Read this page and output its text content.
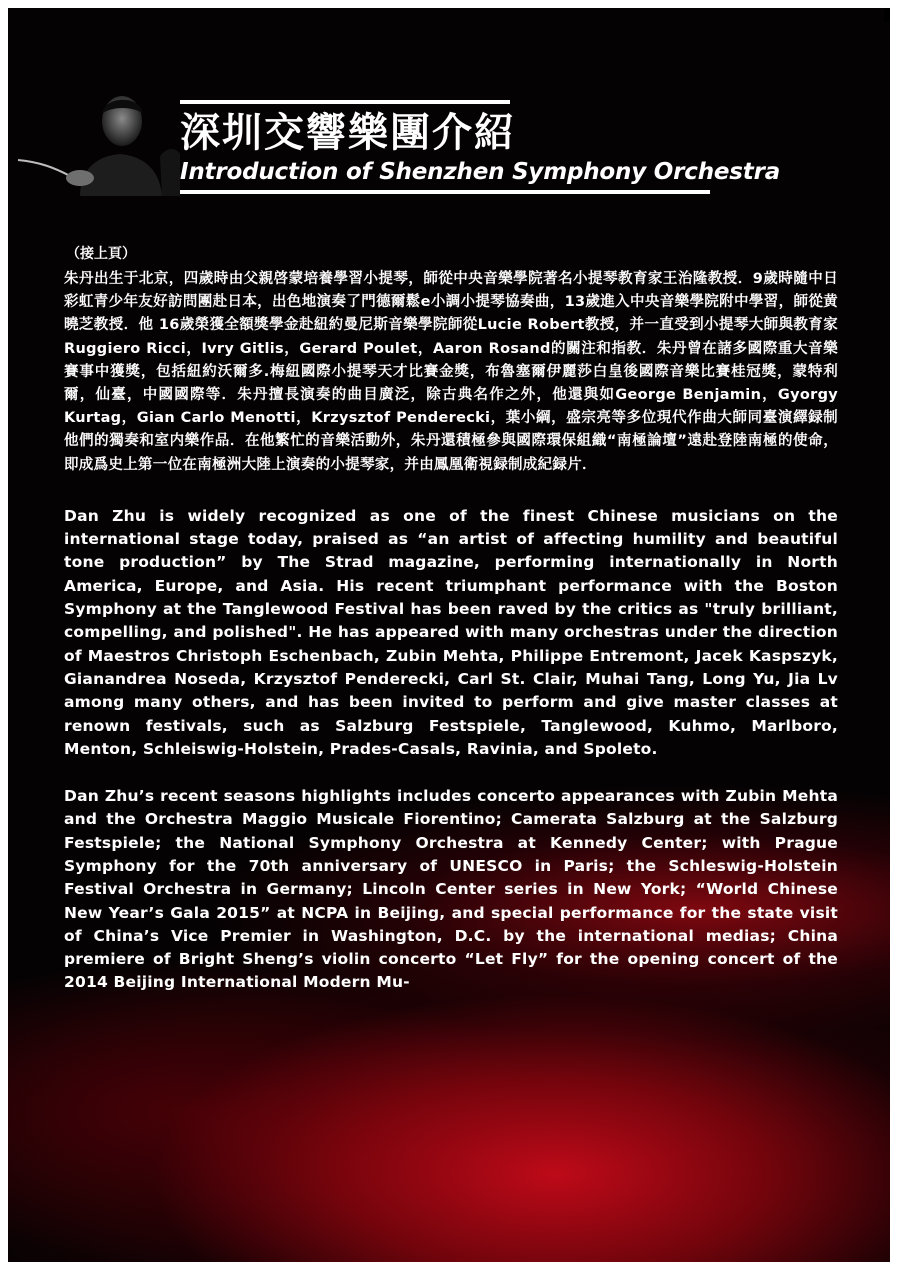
深圳交響樂團介紹
Introduction of Shenzhen Symphony Orchestra
（接上頁）

朱丹出生于北京，四歲時由父親啓蒙培養學習小提琴，師從中央音樂學院著名小提琴教育家王治隆教授．9歲時隨中日彩虹青少年友好訪問團赴日本，出色地演奏了門德爾鬆e小調小提琴協奏曲，13歲進入中央音樂學院附中學習，師從黄曉芝教授．他 16歲榮獲全額獎學金赴紐約曼尼斯音樂學院師從Lucie Robert教授，并一直受到小提琴大師與教育家Ruggiero Ricci，Ivry Gitlis，Gerard Poulet，Aaron Rosand的關注和指教．朱丹曾在諸多國際重大音樂賽事中獲獎，包括紐約沃爾多.梅紐國際小提琴天才比賽金獎，布魯塞爾伊麗莎白皇後國際音樂比賽桂冠獎，蒙特利爾，仙臺，中國國際等．朱丹擅長演奏的曲目廣泛，除古典名作之外，他還與如George Benjamin，Gyorgy Kurtag，Gian Carlo Menotti，Krzysztof Penderecki，葉小綱，盛宗亮等多位現代作曲大師同臺演繹録制他們的獨奏和室内樂作品．在他繁忙的音樂活動外，朱丹還積極參與國際環保組織“南極論壇”遠赴登陸南極的使命，即成爲史上第一位在南極洲大陸上演奏的小提琴家，并由鳳凰衛視録制成紀録片．

Dan Zhu is widely recognized as one of the finest Chinese musicians on the international stage today, praised as “an artist of affecting humility and beautiful tone production” by The Strad magazine, performing internationally in North America, Europe, and Asia. His recent triumphant performance with the Boston Symphony at the Tanglewood Festival has been raved by the critics as "truly brilliant, compelling, and polished". He has appeared with many orchestras under the direction of Maestros Christoph Eschenbach, Zubin Mehta, Philippe Entremont, Jacek Kaspszyk, Gianandrea Noseda, Krzysztof Penderecki, Carl St. Clair, Muhai Tang, Long Yu, Jia Lv among many others, and has been invited to perform and give master classes at renown festivals, such as Salzburg Festspiele, Tanglewood, Kuhmo, Marlboro, Menton, Schleiswig-Holstein, Prades-Casals, Ravinia, and Spoleto.

Dan Zhu’s recent seasons highlights includes concerto appearances with Zubin Mehta and the Orchestra Maggio Musicale Fiorentino; Camerata Salzburg at the Salzburg Festspiele; the National Symphony Orchestra at Kennedy Center; with Prague Symphony for the 70th anniversary of UNESCO in Paris; the Schleswig-Holstein Festival Orchestra in Germany; Lincoln Center series in New York; “World Chinese New Year’s Gala 2015” at NCPA in Beijing, and special performance for the state visit of China’s Vice Premier in Washington, D.C. by the international medias; China premiere of Bright Sheng’s violin concerto “Let Fly” for the opening concert of the 2014 Beijing International Modern Mu-
